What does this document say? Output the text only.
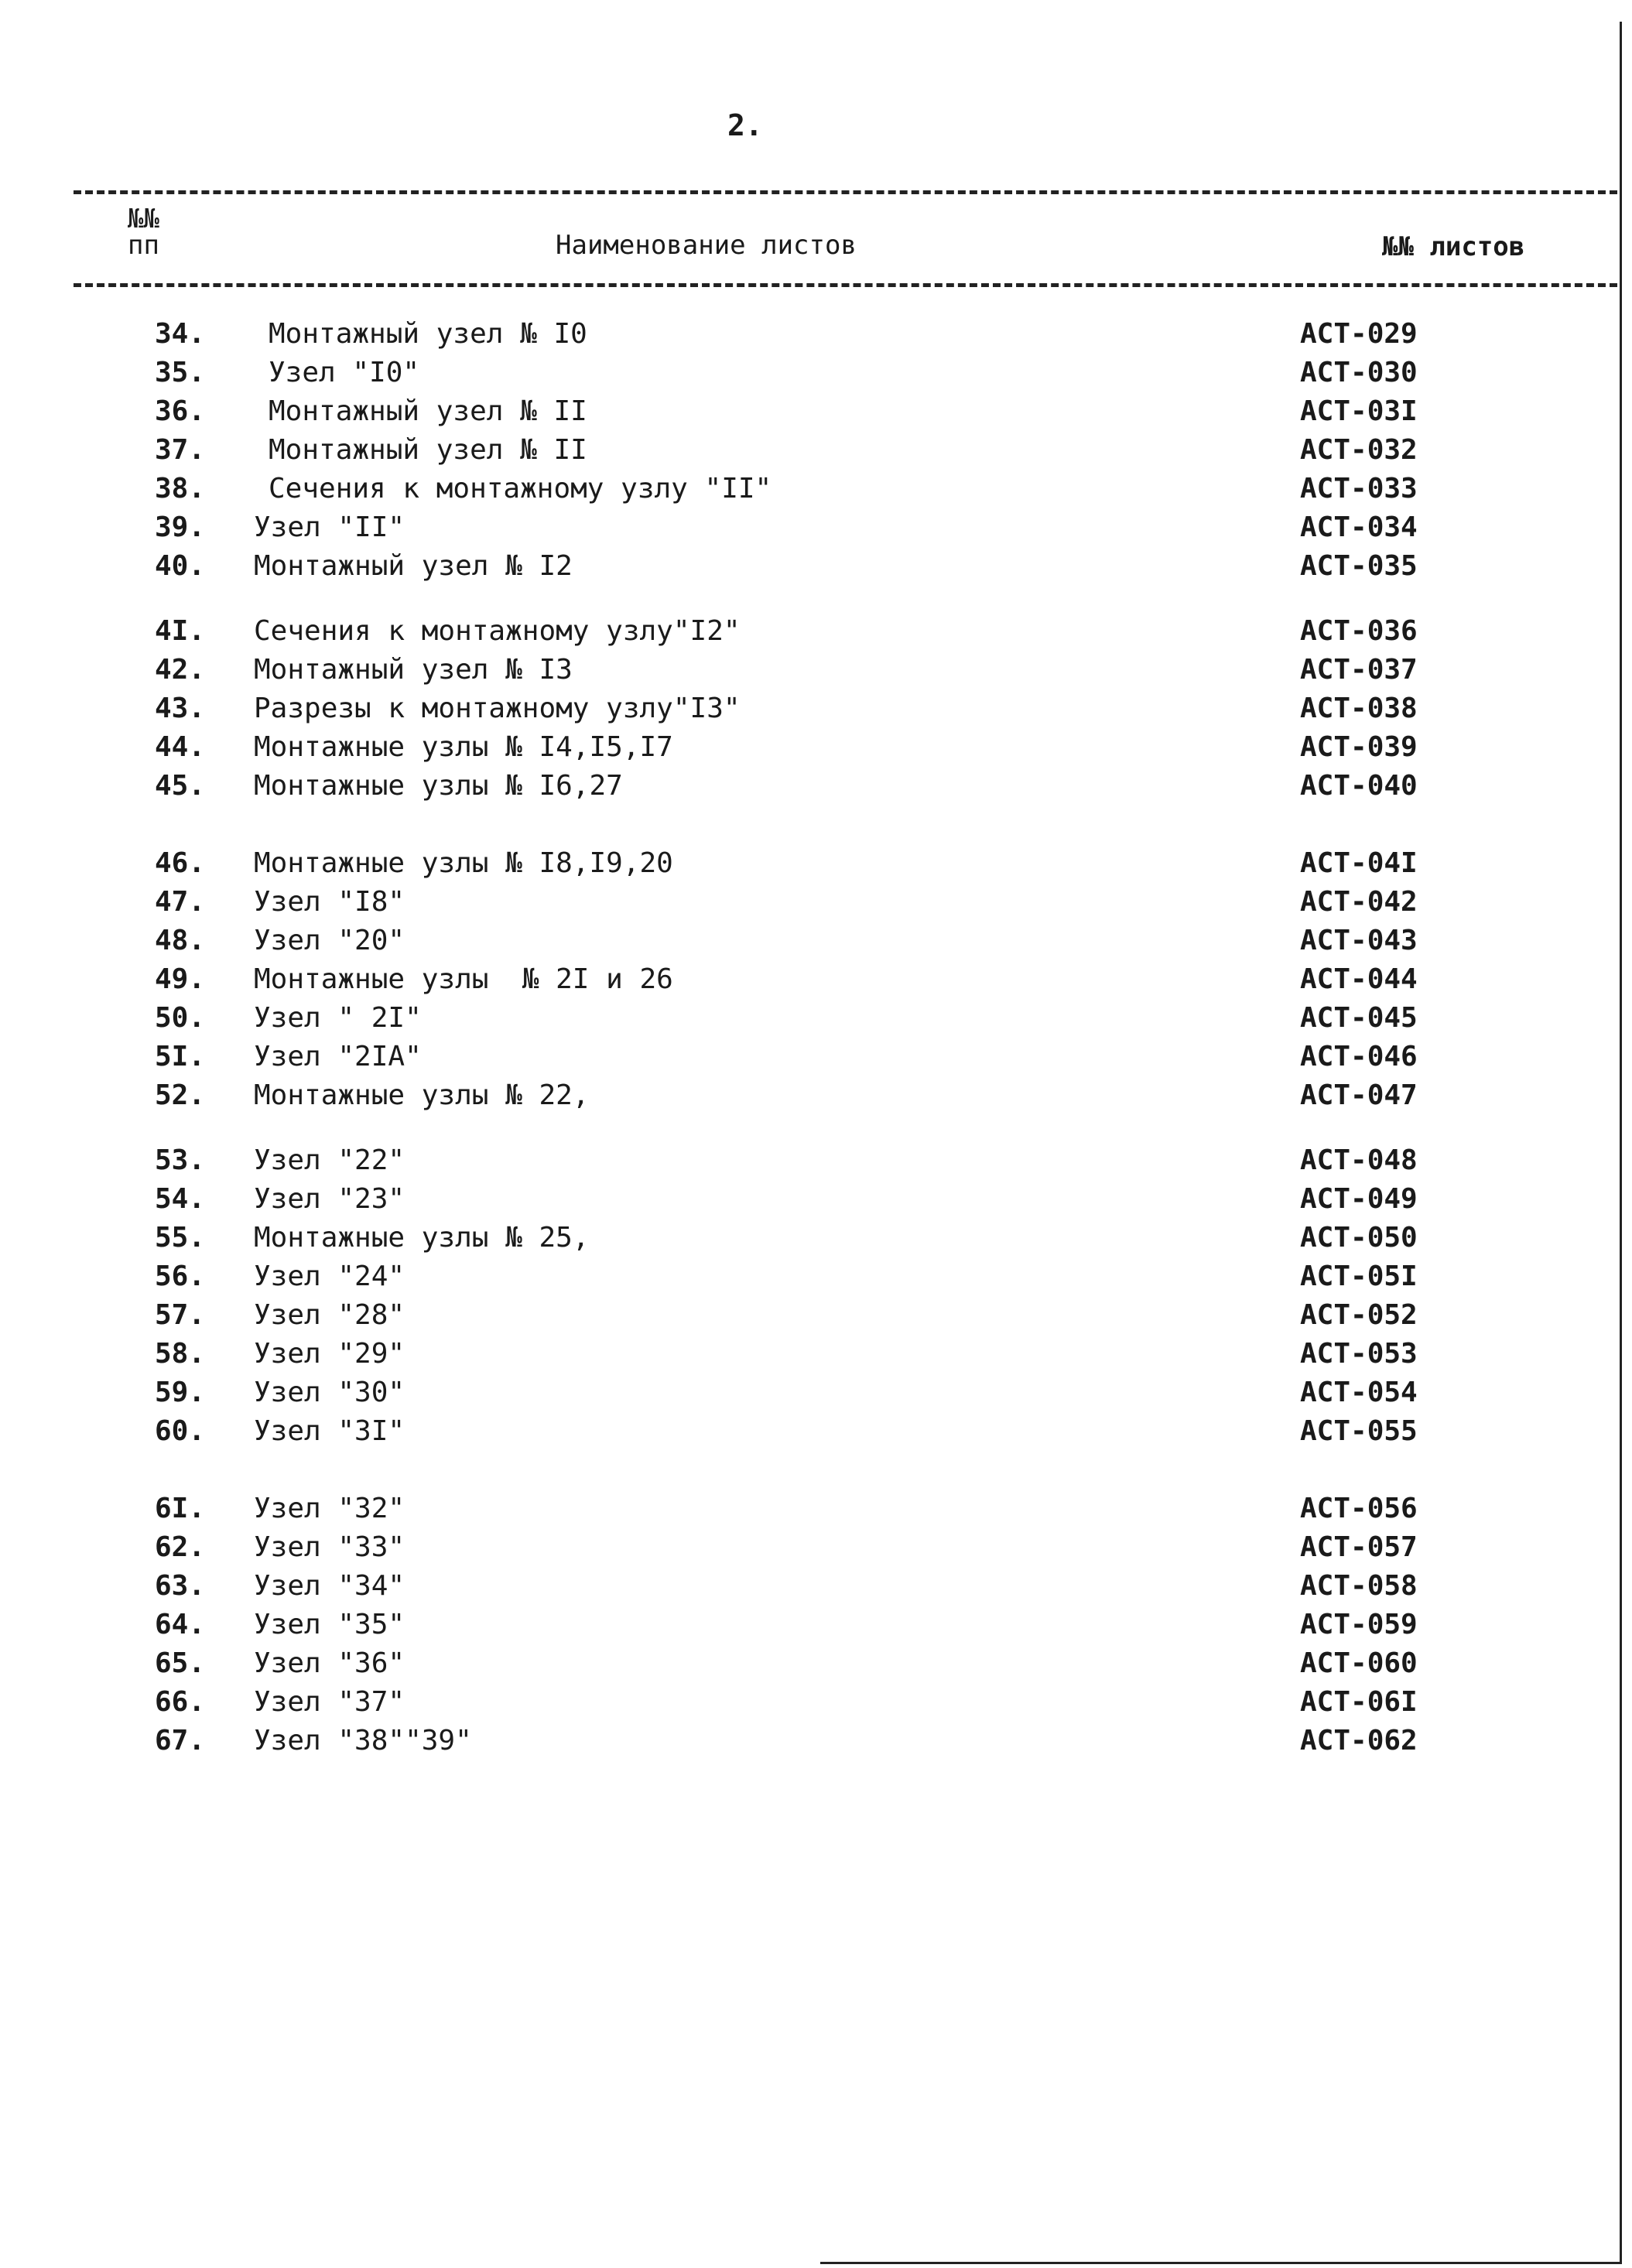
2.
№№
пп	Наименование листов	№№ листов
34. Монтажный узел № I0	АСТ-029
35. Узел "I0"	АСТ-030
36. Монтажный узел № II	АСТ-03I
37. Монтажный узел № II	АСТ-032
38. Сечения к монтажному узлу "II"	АСТ-033
39. Узел "II"	АСТ-034
40. Монтажный узел № I2	АСТ-035
4I. Сечения к монтажному узлу"I2"	АСТ-036
42. Монтажный узел № I3	АСТ-037
43. Разрезы к монтажному узлу"I3"	АСТ-038
44. Монтажные узлы № I4,I5,I7	АСТ-039
45. Монтажные узлы № I6,27	АСТ-040
46. Монтажные узлы № I8,I9,20	АСТ-04I
47. Узел "I8"	АСТ-042
48. Узел "20"	АСТ-043
49. Монтажные узлы  № 2I и 26	АСТ-044
50. Узел " 2I"	АСТ-045
5I. Узел "2IА"	АСТ-046
52. Монтажные узлы № 22,	АСТ-047
53. Узел "22"	АСТ-048
54. Узел "23"	АСТ-049
55. Монтажные узлы № 25,	АСТ-050
56. Узел "24"	АСТ-05I
57. Узел "28"	АСТ-052
58. Узел "29"	АСТ-053
59. Узел "30"	АСТ-054
60. Узел "3I"	АСТ-055
6I. Узел "32"	АСТ-056
62. Узел "33"	АСТ-057
63. Узел "34"	АСТ-058
64. Узел "35"	АСТ-059
65. Узел "36"	АСТ-060
66. Узел "37"	АСТ-06I
67. Узел "38""39"	АСТ-062
